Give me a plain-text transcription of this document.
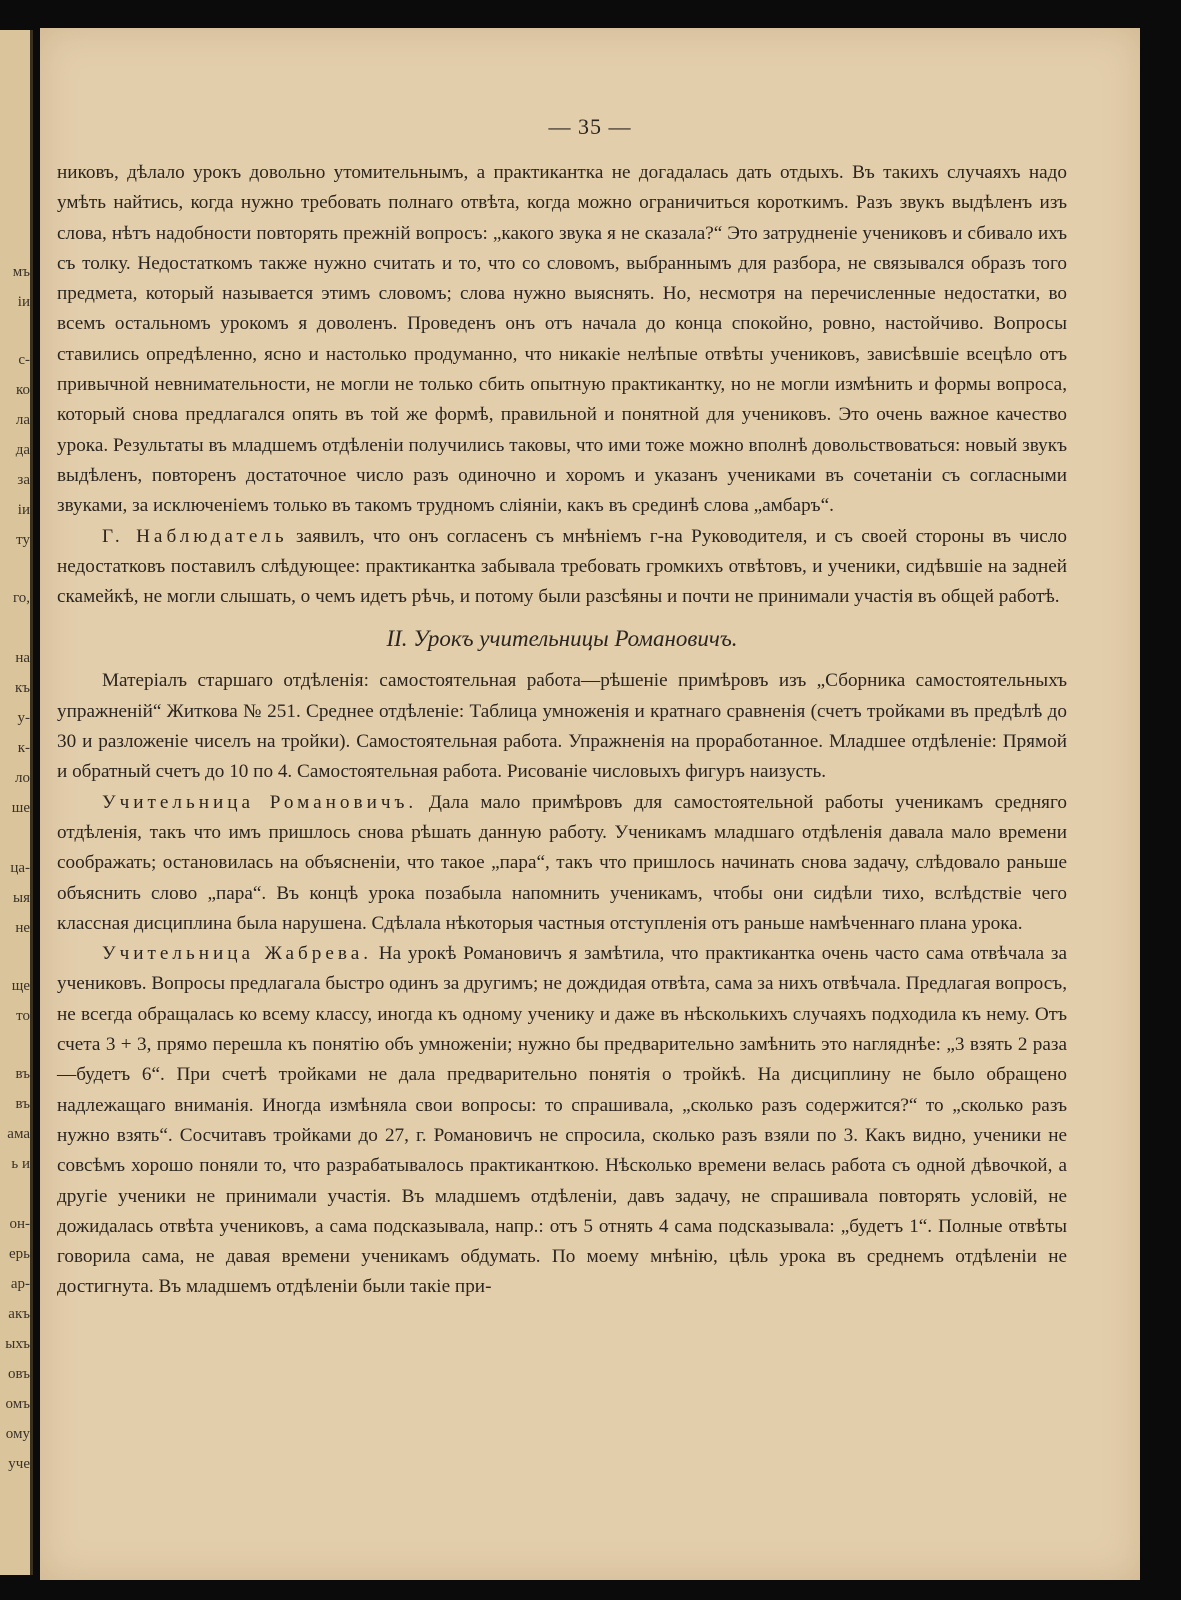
мъ
iи
с-
ко
ла
да
за
iи
ту
го,
на
къ
у-
к-
ло
ше
ца-
ыя
не
ще
то
въ
въ
ама
ь и
он-
ерь
ар-
акъ
ыхъ
овъ
омъ
ому
уче
— 35 —

никовъ, дѣлало урокъ довольно утомительнымъ, а практикантка не догадалась дать отдыхъ. Въ такихъ случаяхъ надо умѣть найтись, когда нужно требовать полнаго отвѣта, когда можно ограничиться короткимъ. Разъ звукъ выдѣленъ изъ слова, нѣтъ надобности повторять прежній вопросъ: „какого звука я не сказала?“ Это затрудненіе учениковъ и сбивало ихъ съ толку. Недостаткомъ также нужно считать и то, что со словомъ, выбраннымъ для разбора, не связывался образъ того предмета, который называется этимъ словомъ; слова нужно выяснять. Но, несмотря на перечисленные недостатки, во всемъ остальномъ урокомъ я доволенъ. Проведенъ онъ отъ начала до конца спокойно, ровно, настойчиво. Вопросы ставились опредѣленно, ясно и настолько продуманно, что никакіе нелѣпые отвѣты учениковъ, зависѣвшіе всецѣло отъ привычной невнимательности, не могли не только сбить опытную практикантку, но не могли измѣнить и формы вопроса, который снова предлагался опять въ той же формѣ, правильной и понятной для учениковъ. Это очень важное качество урока. Результаты въ младшемъ отдѣленіи получились таковы, что ими тоже можно вполнѣ довольствоваться: новый звукъ выдѣленъ, повторенъ достаточное число разъ одиночно и хоромъ и указанъ учениками въ сочетаніи съ согласными звуками, за исключеніемъ только въ такомъ трудномъ сліяніи, какъ въ срединѣ слова „амбаръ“.

Г. Наблюдатель заявилъ, что онъ согласенъ съ мнѣніемъ г-на Руководителя, и съ своей стороны въ число недостатковъ поставилъ слѣдующее: практикантка забывала требовать громкихъ отвѣтовъ, и ученики, сидѣвшіе на задней скамейкѣ, не могли слышать, о чемъ идетъ рѣчь, и потому были разсѣяны и почти не принимали участія въ общей работѣ.

II. Урокъ учительницы Романовичъ.

Матеріалъ старшаго отдѣленія: самостоятельная работа—рѣшеніе примѣровъ изъ „Сборника самостоятельныхъ упражненій“ Житкова № 251. Среднее отдѣленіе: Таблица умноженія и кратнаго сравненія (счетъ тройками въ предѣлѣ до 30 и разложеніе чиселъ на тройки). Самостоятельная работа. Упражненія на проработанное. Младшее отдѣленіе: Прямой и обратный счетъ до 10 по 4. Самостоятельная работа. Рисованіе числовыхъ фигуръ наизусть.

Учительница Романовичъ. Дала мало примѣровъ для самостоятельной работы ученикамъ средняго отдѣленія, такъ что имъ пришлось снова рѣшать данную работу. Ученикамъ младшаго отдѣленія давала мало времени соображать; остановилась на объясненіи, что такое „пара“, такъ что пришлось начинать снова задачу, слѣдовало раньше объяснить слово „пара“. Въ концѣ урока позабыла напомнить ученикамъ, чтобы они сидѣли тихо, вслѣдствіе чего классная дисциплина была нарушена. Сдѣлала нѣкоторыя частныя отступленія отъ раньше намѣченнаго плана урока.

Учительница Жабрева. На урокѣ Романовичъ я замѣтила, что практикантка очень часто сама отвѣчала за учениковъ. Вопросы предлагала быстро одинъ за другимъ; не дождидая отвѣта, сама за нихъ отвѣчала. Предлагая вопросъ, не всегда обращалась ко всему классу, иногда къ одному ученику и даже въ нѣсколькихъ случаяхъ подходила къ нему. Отъ счета 3 + 3, прямо перешла къ понятію объ умноженіи; нужно бы предварительно замѣнить это нагляднѣе: „3 взять 2 раза—будетъ 6“. При счетѣ тройками не дала предварительно понятія о тройкѣ. На дисциплину не было обращено надлежащаго вниманія. Иногда измѣняла свои вопросы: то спрашивала, „сколько разъ содержится?“ то „сколько разъ нужно взять“. Сосчитавъ тройками до 27, г. Романовичъ не спросила, сколько разъ взяли по 3. Какъ видно, ученики не совсѣмъ хорошо поняли то, что разрабатывалось практиканткою. Нѣсколько времени велась работа съ одной дѣвочкой, а другіе ученики не принимали участія. Въ младшемъ отдѣленіи, давъ задачу, не спрашивала повторять условій, не дожидалась отвѣта учениковъ, а сама подсказывала, напр.: отъ 5 отнять 4 сама подсказывала: „будетъ 1“. Полные отвѣты говорила сама, не давая времени ученикамъ обдумать. По моему мнѣнію, цѣль урока въ среднемъ отдѣленіи не достигнута. Въ младшемъ отдѣленіи были такіе при-
